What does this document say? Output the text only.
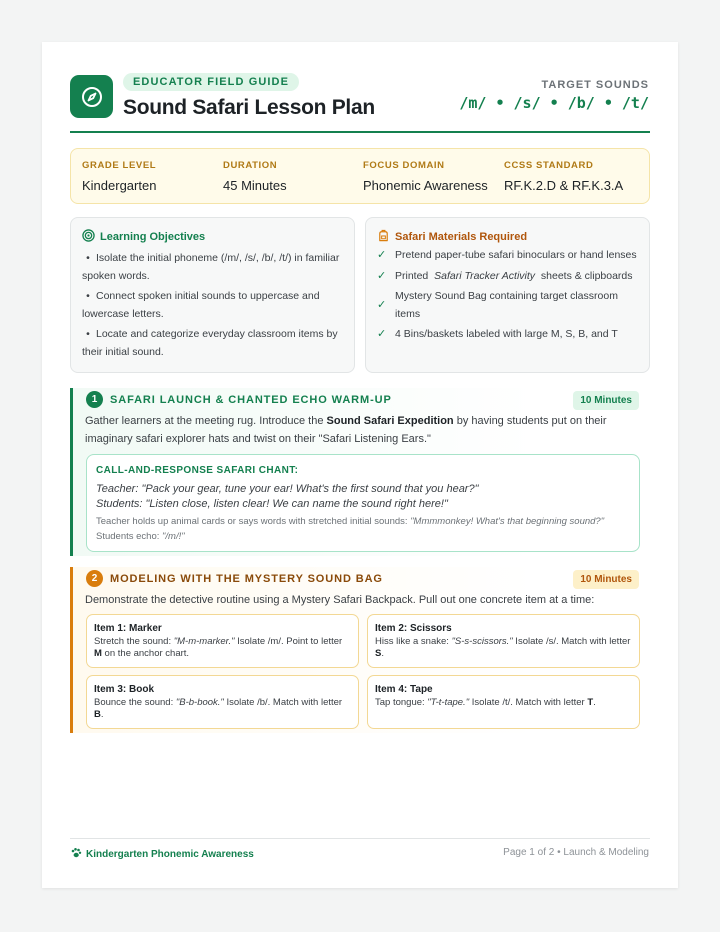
EDUCATOR FIELD GUIDE
Sound Safari Lesson Plan
TARGET SOUNDS
/m/ • /s/ • /b/ • /t/
GRADE LEVEL
Kindergarten
DURATION
45 Minutes
FOCUS DOMAIN
Phonemic Awareness
CCSS STANDARD
RF.K.2.D & RF.K.3.A
Learning Objectives
• Isolate the initial phoneme (/m/, /s/, /b/, /t/) in familiar spoken words.
• Connect spoken initial sounds to uppercase and lowercase letters.
• Locate and categorize everyday classroom items by their initial sound.
Safari Materials Required
✓ Pretend paper-tube safari binoculars or hand lenses
✓ Printed  Safari Tracker Activity  sheets & clipboards
✓
Mystery Sound Bag containing target classroom items
✓ 4 Bins/baskets labeled with large M, S, B, and T
1	SAFARI LAUNCH & CHANTED ECHO WARM-UP	10 Minutes
Gather learners at the meeting rug. Introduce the Sound Safari Expedition by having students put on their imaginary safari explorer hats and twist on their "Safari Listening Ears."
CALL-AND-RESPONSE SAFARI CHANT:
Teacher: "Pack your gear, tune your ear! What's the first sound that you hear?"
Students: "Listen close, listen clear! We can name the sound right here!"
Teacher holds up animal cards or says words with stretched initial sounds: "Mmmmonkey! What's that beginning sound?" Students echo: "/m/!"
2	MODELING WITH THE MYSTERY SOUND BAG	10 Minutes
Demonstrate the detective routine using a Mystery Safari Backpack. Pull out one concrete item at a time:
Item 1: Marker
Stretch the sound: "M-m-marker." Isolate /m/. Point to letter M on the anchor chart.
Item 2: Scissors
Hiss like a snake: "S-s-scissors." Isolate /s/. Match with letter S.
Item 3: Book
Bounce the sound: "B-b-book." Isolate /b/. Match with letter B.
Item 4: Tape
Tap tongue: "T-t-tape." Isolate /t/. Match with letter T.
Kindergarten Phonemic Awareness	Page 1 of 2 • Launch & Modeling
